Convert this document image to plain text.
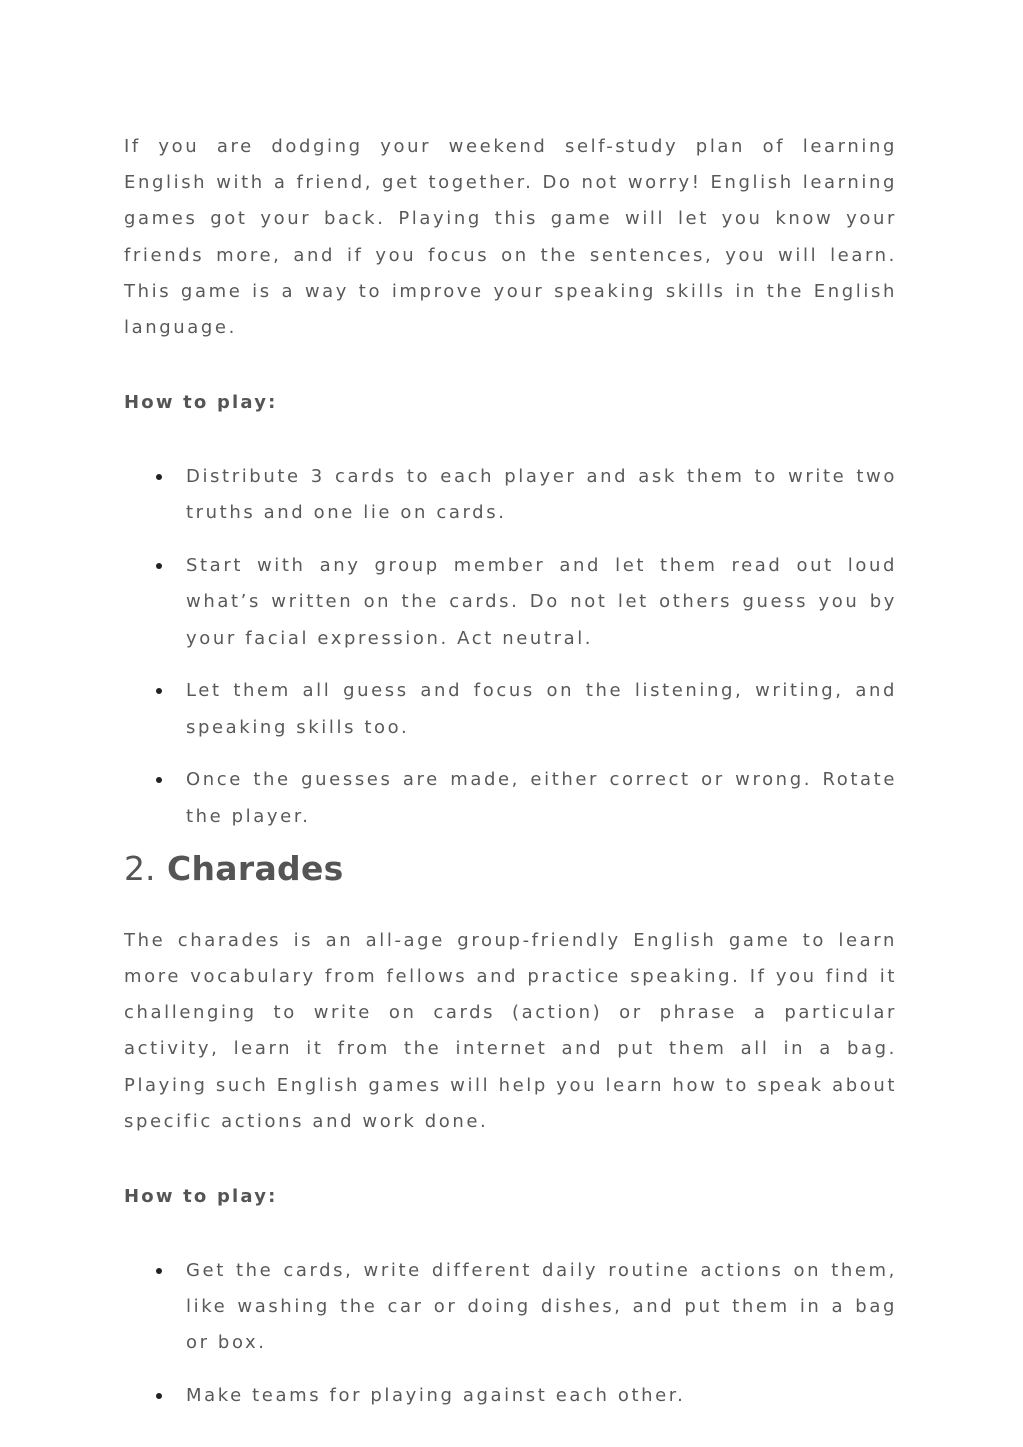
If you are dodging your weekend self-study plan of learning English with a friend, get together. Do not worry! English learning games got your back. Playing this game will let you know your friends more, and if you focus on the sentences, you will learn. This game is a way to improve your speaking skills in the English language.

How to play:

Distribute 3 cards to each player and ask them to write two truths and one lie on cards.
Start with any group member and let them read out loud what’s written on the cards. Do not let others guess you by your facial expression. Act neutral.
Let them all guess and focus on the listening, writing, and speaking skills too.
Once the guesses are made, either correct or wrong. Rotate the player.
2. Charades

The charades is an all-age group-friendly English game to learn more vocabulary from fellows and practice speaking. If you find it challenging to write on cards (action) or phrase a particular activity, learn it from the internet and put them all in a bag. Playing such English games will help you learn how to speak about specific actions and work done.

How to play:

Get the cards, write different daily routine actions on them, like washing the car or doing dishes, and put them in a bag or box.
Make teams for playing against each other.
